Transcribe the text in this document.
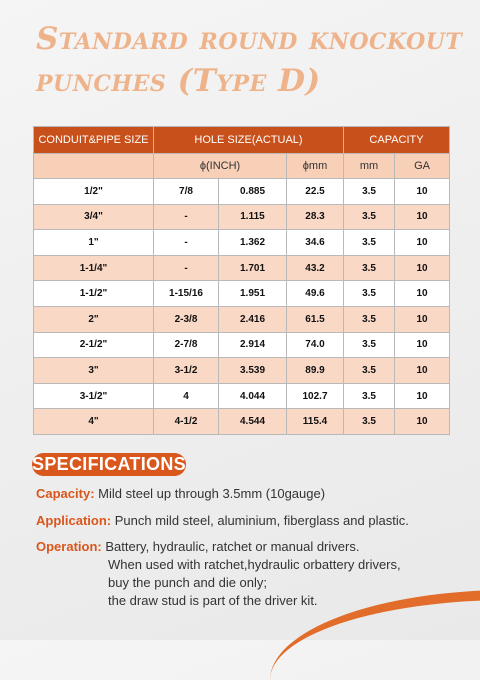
Standard round knockout
punches (Type D)
CONDUIT&PIPE SIZE	HOLE SIZE(ACTUAL)			CAPACITY	
	ϕ(INCH)		ϕmm	mm	GA
1/2"	7/8	0.885	22.5	3.5	10
3/4"	-	1.115	28.3	3.5	10
1"	-	1.362	34.6	3.5	10
1-1/4"	-	1.701	43.2	3.5	10
1-1/2"	1-15/16	1.951	49.6	3.5	10
2"	2-3/8	2.416	61.5	3.5	10
2-1/2"	2-7/8	2.914	74.0	3.5	10
3"	3-1/2	3.539	89.9	3.5	10
3-1/2"	4	4.044	102.7	3.5	10
4"	4-1/2	4.544	115.4	3.5	10
SPECIFICATIONS
Capacity: Mild steel up through 3.5mm (10gauge)
Application: Punch mild steel, aluminium, fiberglass and plastic.
Operation: Battery, hydraulic, ratchet or manual drivers.
When used with ratchet,hydraulic orbattery drivers,
buy the punch and die only;
the draw stud is part of the driver kit.
